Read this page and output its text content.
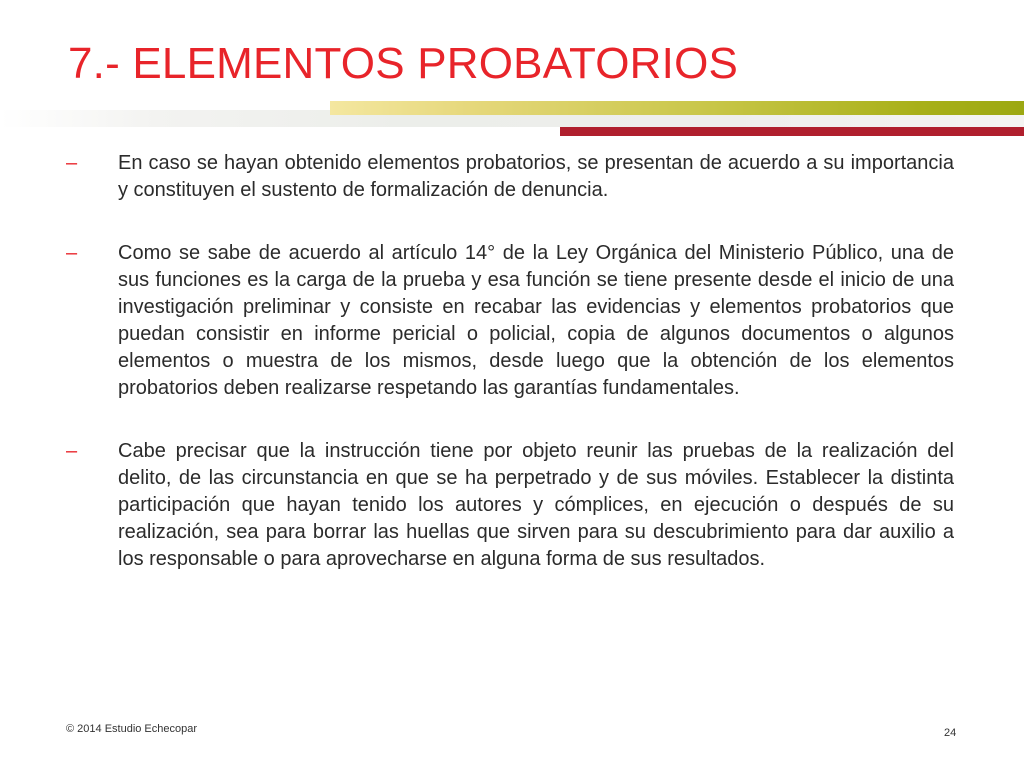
7.- ELEMENTOS PROBATORIOS
– En caso se hayan obtenido elementos probatorios, se presentan de acuerdo a su importancia y constituyen el sustento de formalización de denuncia.
– Como se sabe de acuerdo al artículo 14° de la Ley Orgánica del Ministerio Público, una de sus funciones es la carga de la prueba y esa función se tiene presente desde el inicio de una investigación preliminar y consiste en recabar las evidencias y elementos probatorios que puedan consistir en informe pericial o policial, copia de algunos documentos o algunos elementos o muestra de los mismos, desde luego que la obtención de los elementos probatorios deben realizarse respetando las garantías fundamentales.
– Cabe precisar que la instrucción tiene por objeto reunir las pruebas de la realización del delito, de las circunstancia en que se ha perpetrado y de sus móviles. Establecer la distinta participación que hayan tenido los autores y cómplices, en ejecución o después de su realización, sea para borrar las huellas que sirven para su descubrimiento para dar auxilio a los responsable o para aprovecharse en alguna forma de sus resultados.
© 2014 Estudio Echecopar	24
